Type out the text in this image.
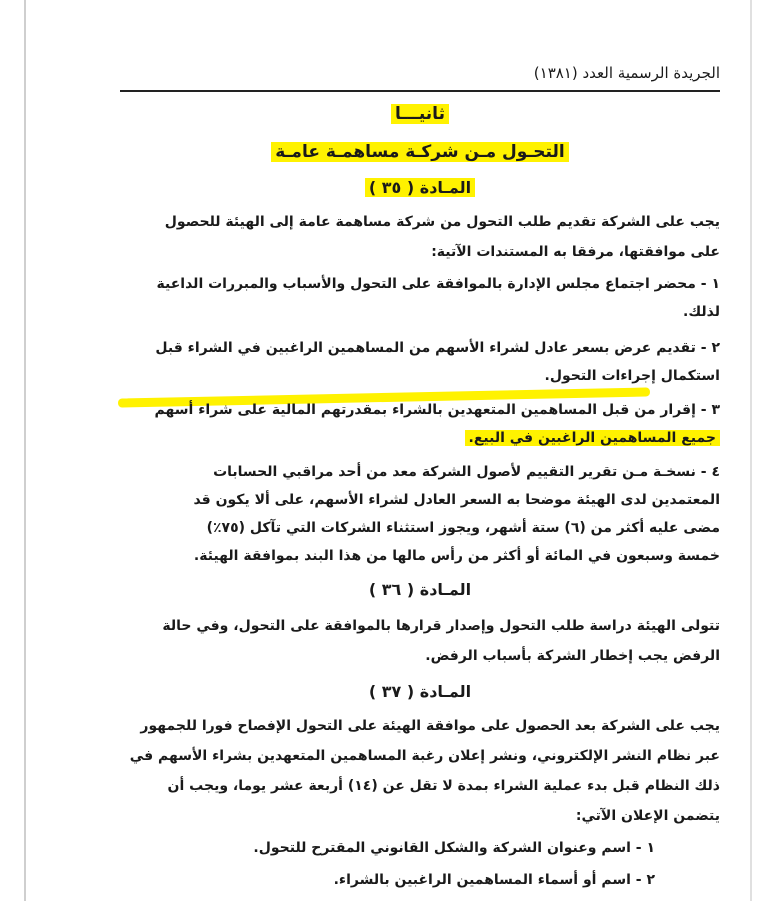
الجريدة الرسمية العدد (١٣٨١)
ثانيـــا
التحـول مـن شركـة مساهمـة عامـة
المـادة ( ٣٥ )
يجب على الشركة تقديم طلب التحول من شركة مساهمة عامة إلى الهيئة للحصول
على موافقتها، مرفقا به المستندات الآتية:
١ - محضر اجتماع مجلس الإدارة بالموافقة على التحول والأسباب والمبررات الداعية
لذلك.
٢ - تقديم عرض بسعر عادل لشراء الأسهم من المساهمين الراغبين في الشراء قبل
استكمال إجراءات التحول.
٣ - إقرار من قبل المساهمين المتعهدين بالشراء بمقدرتهم المالية على شراء أسهم
جميع المساهمين الراغبين في البيع.
٤ - نسخـة مـن تقرير التقييم لأصول الشركة معد من أحد مراقبي الحسابات
المعتمدين لدى الهيئة موضحا به السعر العادل لشراء الأسهم، على ألا يكون قد
مضى عليه أكثر من (٦) ستة أشهر، ويجوز استثناء الشركات التي تآكل (٧٥٪)
خمسة وسبعون في المائة أو أكثر من رأس مالها من هذا البند بموافقة الهيئة.
المـادة ( ٣٦ )
تتولى الهيئة دراسة طلب التحول وإصدار قرارها بالموافقة على التحول، وفي حالة
الرفض يجب إخطار الشركة بأسباب الرفض.
المـادة ( ٣٧ )
يجب على الشركة بعد الحصول على موافقة الهيئة على التحول الإفصاح فورا للجمهور
عبر نظام النشر الإلكتروني، ونشر إعلان رغبة المساهمين المتعهدين بشراء الأسهم في
ذلك النظام قبل بدء عملية الشراء بمدة لا تقل عن (١٤) أربعة عشر يوما، ويجب أن
يتضمن الإعلان الآتي:
١ - اسم وعنوان الشركة والشكل القانوني المقترح للتحول.
٢ - اسم أو أسماء المساهمين الراغبين بالشراء.
